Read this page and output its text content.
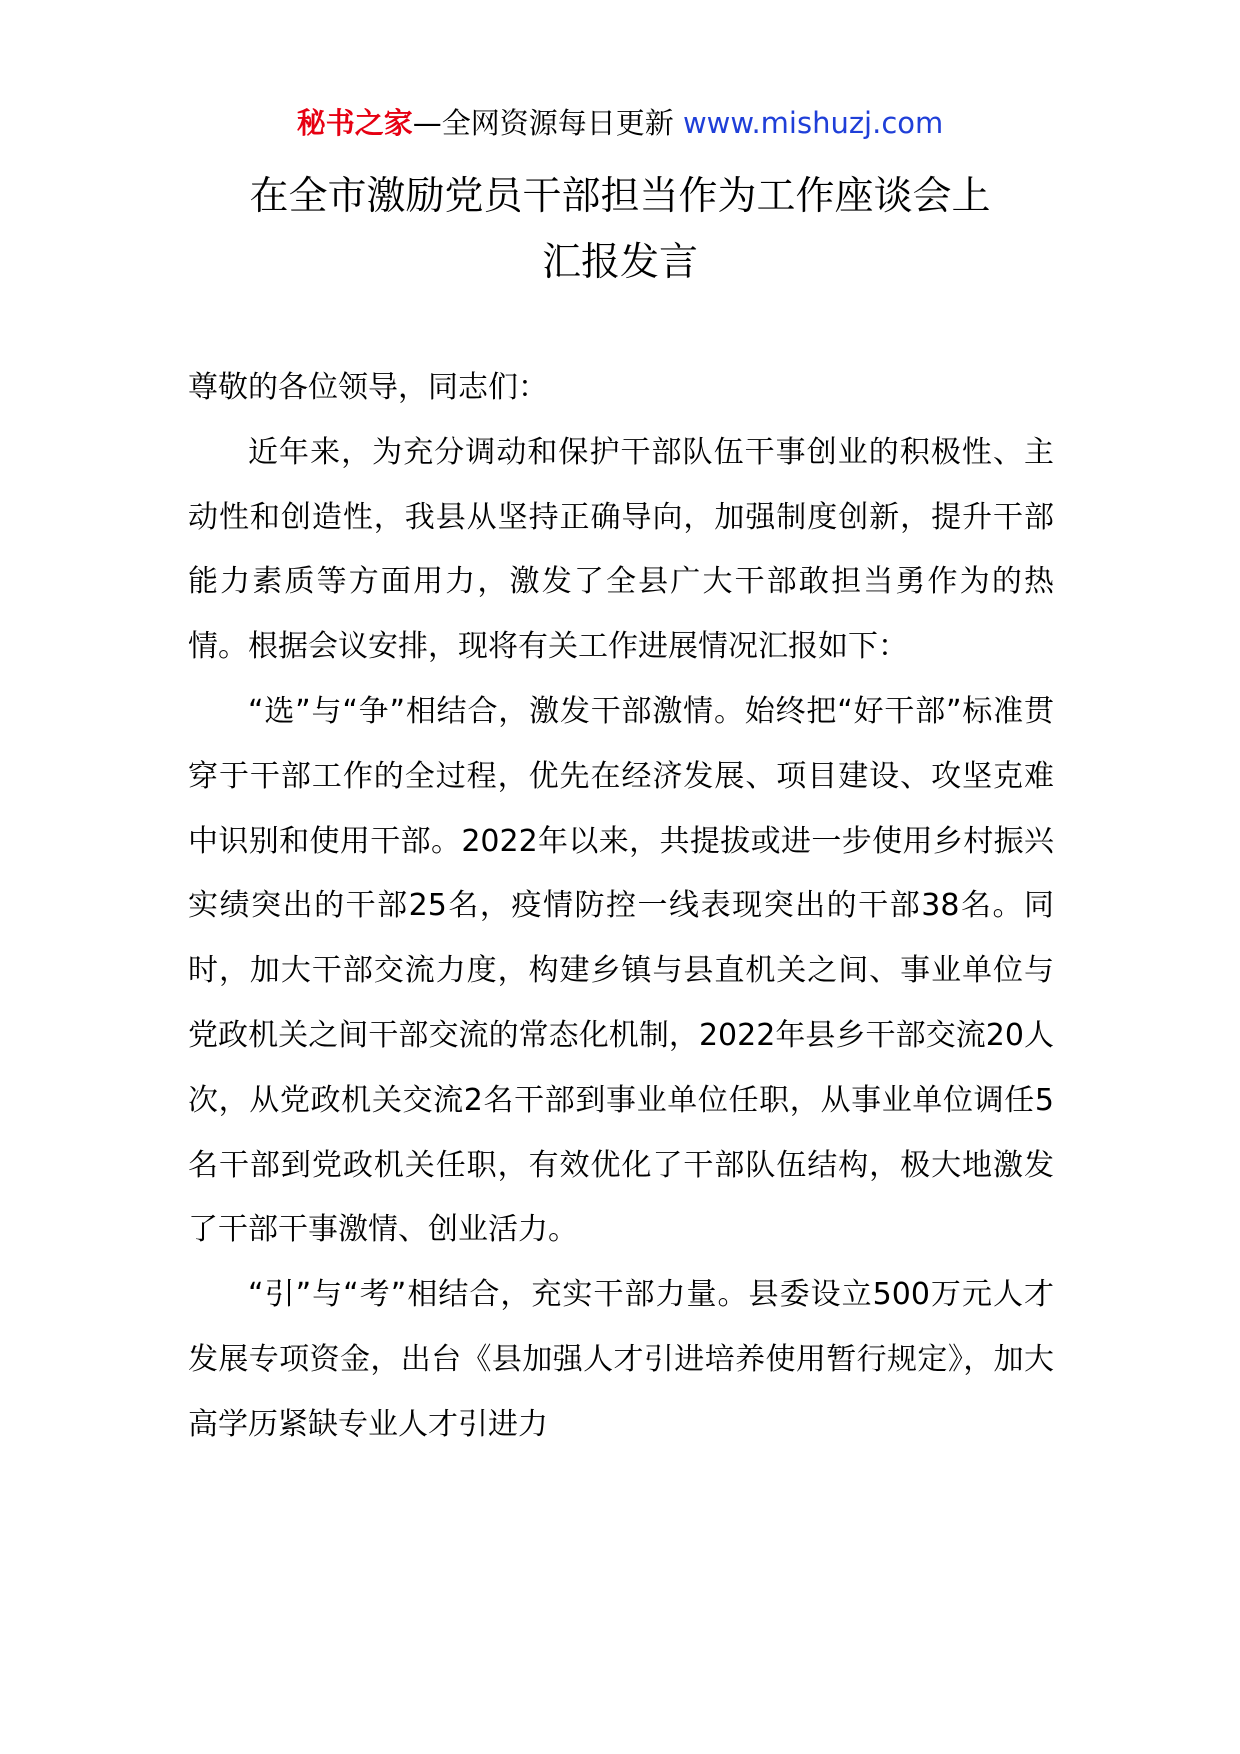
秘书之家—全网资源每日更新 www.mishuzj.com
在全市激励党员干部担当作为工作座谈会上
汇报发言

尊敬的各位领导，同志们：

近年来，为充分调动和保护干部队伍干事创业的积极性、主动性和创造性，我县从坚持正确导向，加强制度创新，提升干部能力素质等方面用力，激发了全县广大干部敢担当勇作为的热情。根据会议安排，现将有关工作进展情况汇报如下：

“选”与“争”相结合，激发干部激情。始终把“好干部”标准贯穿于干部工作的全过程，优先在经济发展、项目建设、攻坚克难中识别和使用干部。2022年以来，共提拔或进一步使用乡村振兴实绩突出的干部25名，疫情防控一线表现突出的干部38名。同时，加大干部交流力度，构建乡镇与县直机关之间、事业单位与党政机关之间干部交流的常态化机制，2022年县乡干部交流20人次，从党政机关交流2名干部到事业单位任职，从事业单位调任5名干部到党政机关任职，有效优化了干部队伍结构，极大地激发了干部干事激情、创业活力。

“引”与“考”相结合，充实干部力量。县委设立500万元人才发展专项资金，出台《县加强人才引进培养使用暂行规定》，加大高学历紧缺专业人才引进力
